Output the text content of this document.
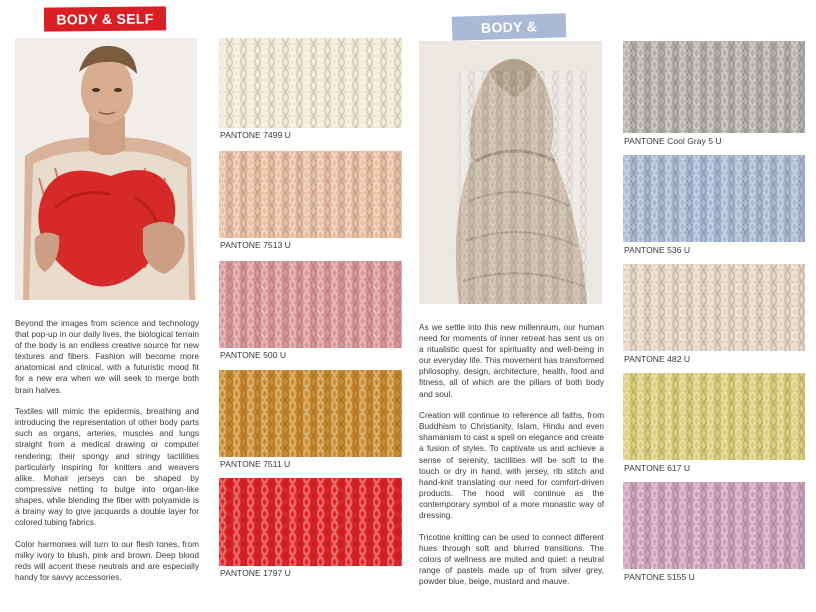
BODY & SELF	BODY &

Beyond the images from science and technology that pop-up in our daily lives, the biological terrain of the body is an endless creative source for new textures and fibers. Fashion will become more anatomical and clinical, with a futuristic mood fit for a new era when we will seek to merge both brain halves.

Textiles will mimic the epidermis, breathing and introducing the representation of other body parts such as organs, arteries, muscles and lungs straight from a medical drawing or computer rendering; their spongy and stringy tactilities particularly inspiring for knitters and weavers alike. Mohair jerseys can be shaped by compressive netting to bulge into organ-like shapes, while blending the fiber with polyamide is a brainy way to give jacquards a double layer for colored tubing fabrics.

Color harmonies will turn to our flesh tones, from milky ivory to blush, pink and brown. Deep blood reds will accent these neutrals and are especially handy for savvy accessories.

As we settle into this new millennium, our human need for moments of inner retreat has sent us on a ritualistic quest for spirituality and well-being in our everyday life. This movement has transformed philosophy, design, architecture, health, food and fitness, all of which are the pillars of both body and soul.

Creation will continue to reference all faiths, from Buddhism to Christianity, Islam, Hindu and even shamanism to cast a spell on elegance and create a fusion of styles. To captivate us and achieve a sense of serenity, tactilities will be soft to the touch or dry in hand, with jersey, rib stitch and hand-knit translating our need for comfort-driven products. The hood will continue as the contemporary symbol of a more monastic way of dressing.

Tricotine knitting can be used to connect different hues through soft and blurred transitions. The colors of wellness are muted and quiet: a neutral range of pastels made up of from silver grey, powder blue, beige, mustard and mauve.

PANTONE 7499 U
PANTONE 7513 U
PANTONE 500 U
PANTONE 7511 U
PANTONE 1797 U
PANTONE Cool Gray 5 U
PANTONE 536 U
PANTONE 482 U
PANTONE 617 U
PANTONE 5155 U
